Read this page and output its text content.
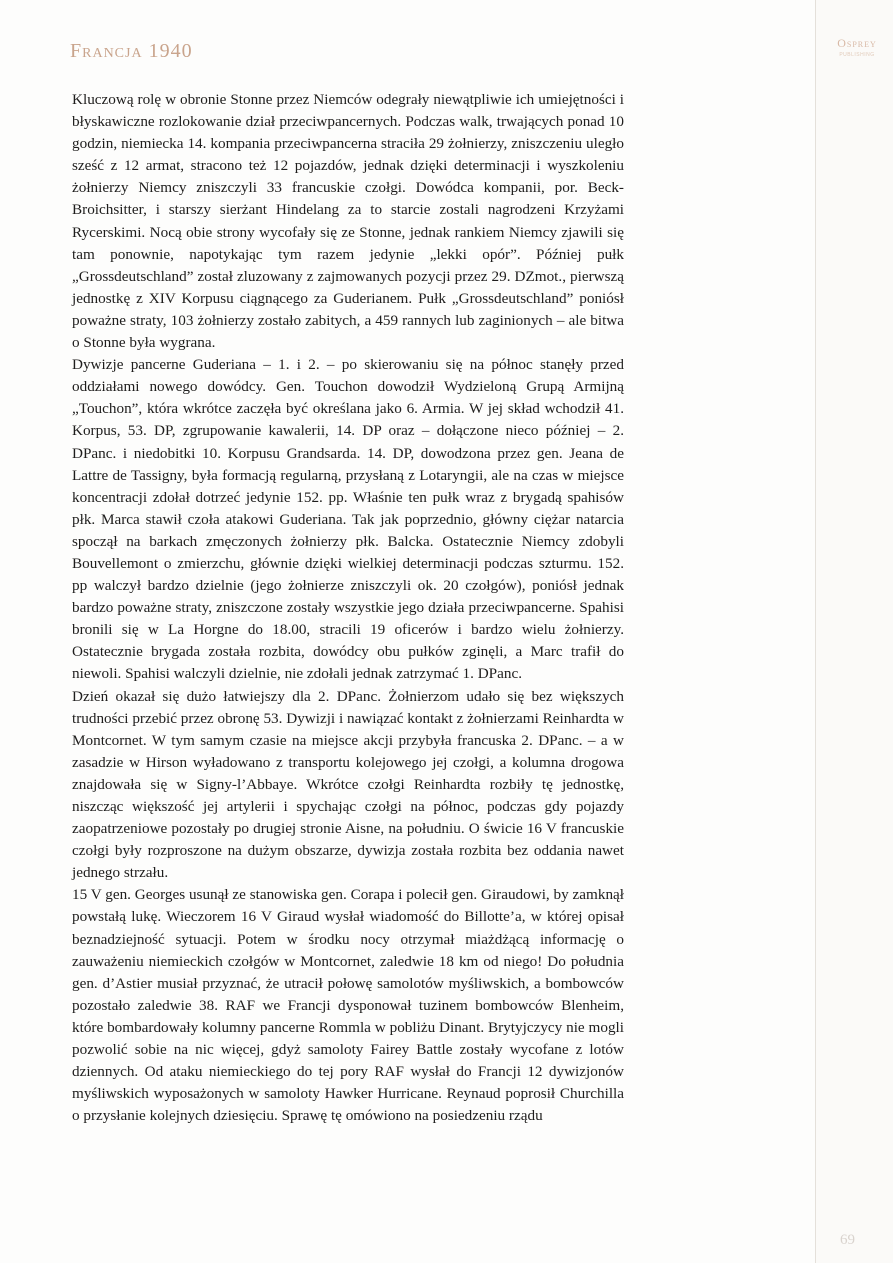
Francja 1940	Osprey
PUBLISHING

Kluczową rolę w obronie Stonne przez Niemców odegrały niewątpliwie ich umiejętności i błyskawiczne rozlokowanie dział przeciwpancernych. Podczas walk, trwających ponad 10 godzin, niemiecka 14. kompania przeciwpancerna straciła 29 żołnierzy, zniszczeniu uległo sześć z 12 armat, stracono też 12 pojazdów, jednak dzięki determinacji i wyszkoleniu żołnierzy Niemcy zniszczyli 33 francuskie czołgi. Dowódca kompanii, por. Beck-Broichsitter, i starszy sierżant Hindelang za to starcie zostali nagrodzeni Krzyżami Rycerskimi. Nocą obie strony wycofały się ze Stonne, jednak rankiem Niemcy zjawili się tam ponownie, napotykając tym razem jedynie „lekki opór”. Później pułk „Grossdeutschland” został zluzowany z zajmowanych pozycji przez 29. DZmot., pierwszą jednostkę z XIV Korpusu ciągnącego za Guderianem. Pułk „Grossdeutschland” poniósł poważne straty, 103 żołnierzy zostało zabitych, a 459 rannych lub zaginionych – ale bitwa o Stonne była wygrana.

Dywizje pancerne Guderiana – 1. i 2. – po skierowaniu się na północ stanęły przed oddziałami nowego dowódcy. Gen. Touchon dowodził Wydzieloną Grupą Armijną „Touchon”, która wkrótce zaczęła być określana jako 6. Armia. W jej skład wchodził 41. Korpus, 53. DP, zgrupowanie kawalerii, 14. DP oraz – dołączone nieco później – 2. DPanc. i niedobitki 10. Korpusu Grandsarda. 14. DP, dowodzona przez gen. Jeana de Lattre de Tassigny, była formacją regularną, przysłaną z Lotaryngii, ale na czas w miejsce koncentracji zdołał dotrzeć jedynie 152. pp. Właśnie ten pułk wraz z brygadą spahisów płk. Marca stawił czoła atakowi Guderiana. Tak jak poprzednio, główny ciężar natarcia spoczął na barkach zmęczonych żołnierzy płk. Balcka. Ostatecznie Niemcy zdobyli Bouvellemont o zmierzchu, głównie dzięki wielkiej determinacji podczas szturmu. 152. pp walczył bardzo dzielnie (jego żołnierze zniszczyli ok. 20 czołgów), poniósł jednak bardzo poważne straty, zniszczone zostały wszystkie jego działa przeciwpancerne. Spahisi bronili się w La Horgne do 18.00, stracili 19 oficerów i bardzo wielu żołnierzy. Ostatecznie brygada została rozbita, dowódcy obu pułków zginęli, a Marc trafił do niewoli. Spahisi walczyli dzielnie, nie zdołali jednak zatrzymać 1. DPanc.

Dzień okazał się dużo łatwiejszy dla 2. DPanc. Żołnierzom udało się bez większych trudności przebić przez obronę 53. Dywizji i nawiązać kontakt z żołnierzami Reinhardta w Montcornet. W tym samym czasie na miejsce akcji przybyła francuska 2. DPanc. – a w zasadzie w Hirson wyładowano z transportu kolejowego jej czołgi, a kolumna drogowa znajdowała się w Signy-l’Abbaye. Wkrótce czołgi Reinhardta rozbiły tę jednostkę, niszcząc większość jej artylerii i spychając czołgi na północ, podczas gdy pojazdy zaopatrzeniowe pozostały po drugiej stronie Aisne, na południu. O świcie 16 V francuskie czołgi były rozproszone na dużym obszarze, dywizja została rozbita bez oddania nawet jednego strzału.

15 V gen. Georges usunął ze stanowiska gen. Corapa i polecił gen. Giraudowi, by zamknął powstałą lukę. Wieczorem 16 V Giraud wysłał wiadomość do Billotte’a, w której opisał beznadziejność sytuacji. Potem w środku nocy otrzymał miażdżącą informację o zauważeniu niemieckich czołgów w Montcornet, zaledwie 18 km od niego! Do południa gen. d’Astier musiał przyznać, że utracił połowę samolotów myśliwskich, a bombowców pozostało zaledwie 38. RAF we Francji dysponował tuzinem bombowców Blenheim, które bombardowały kolumny pancerne Rommla w pobliżu Dinant. Brytyjczycy nie mogli pozwolić sobie na nic więcej, gdyż samoloty Fairey Battle zostały wycofane z lotów dziennych. Od ataku niemieckiego do tej pory RAF wysłał do Francji 12 dywizjonów myśliwskich wyposażonych w samoloty Hawker Hurricane. Reynaud poprosił Churchilla o przysłanie kolejnych dziesięciu. Sprawę tę omówiono na posiedzeniu rządu

69
